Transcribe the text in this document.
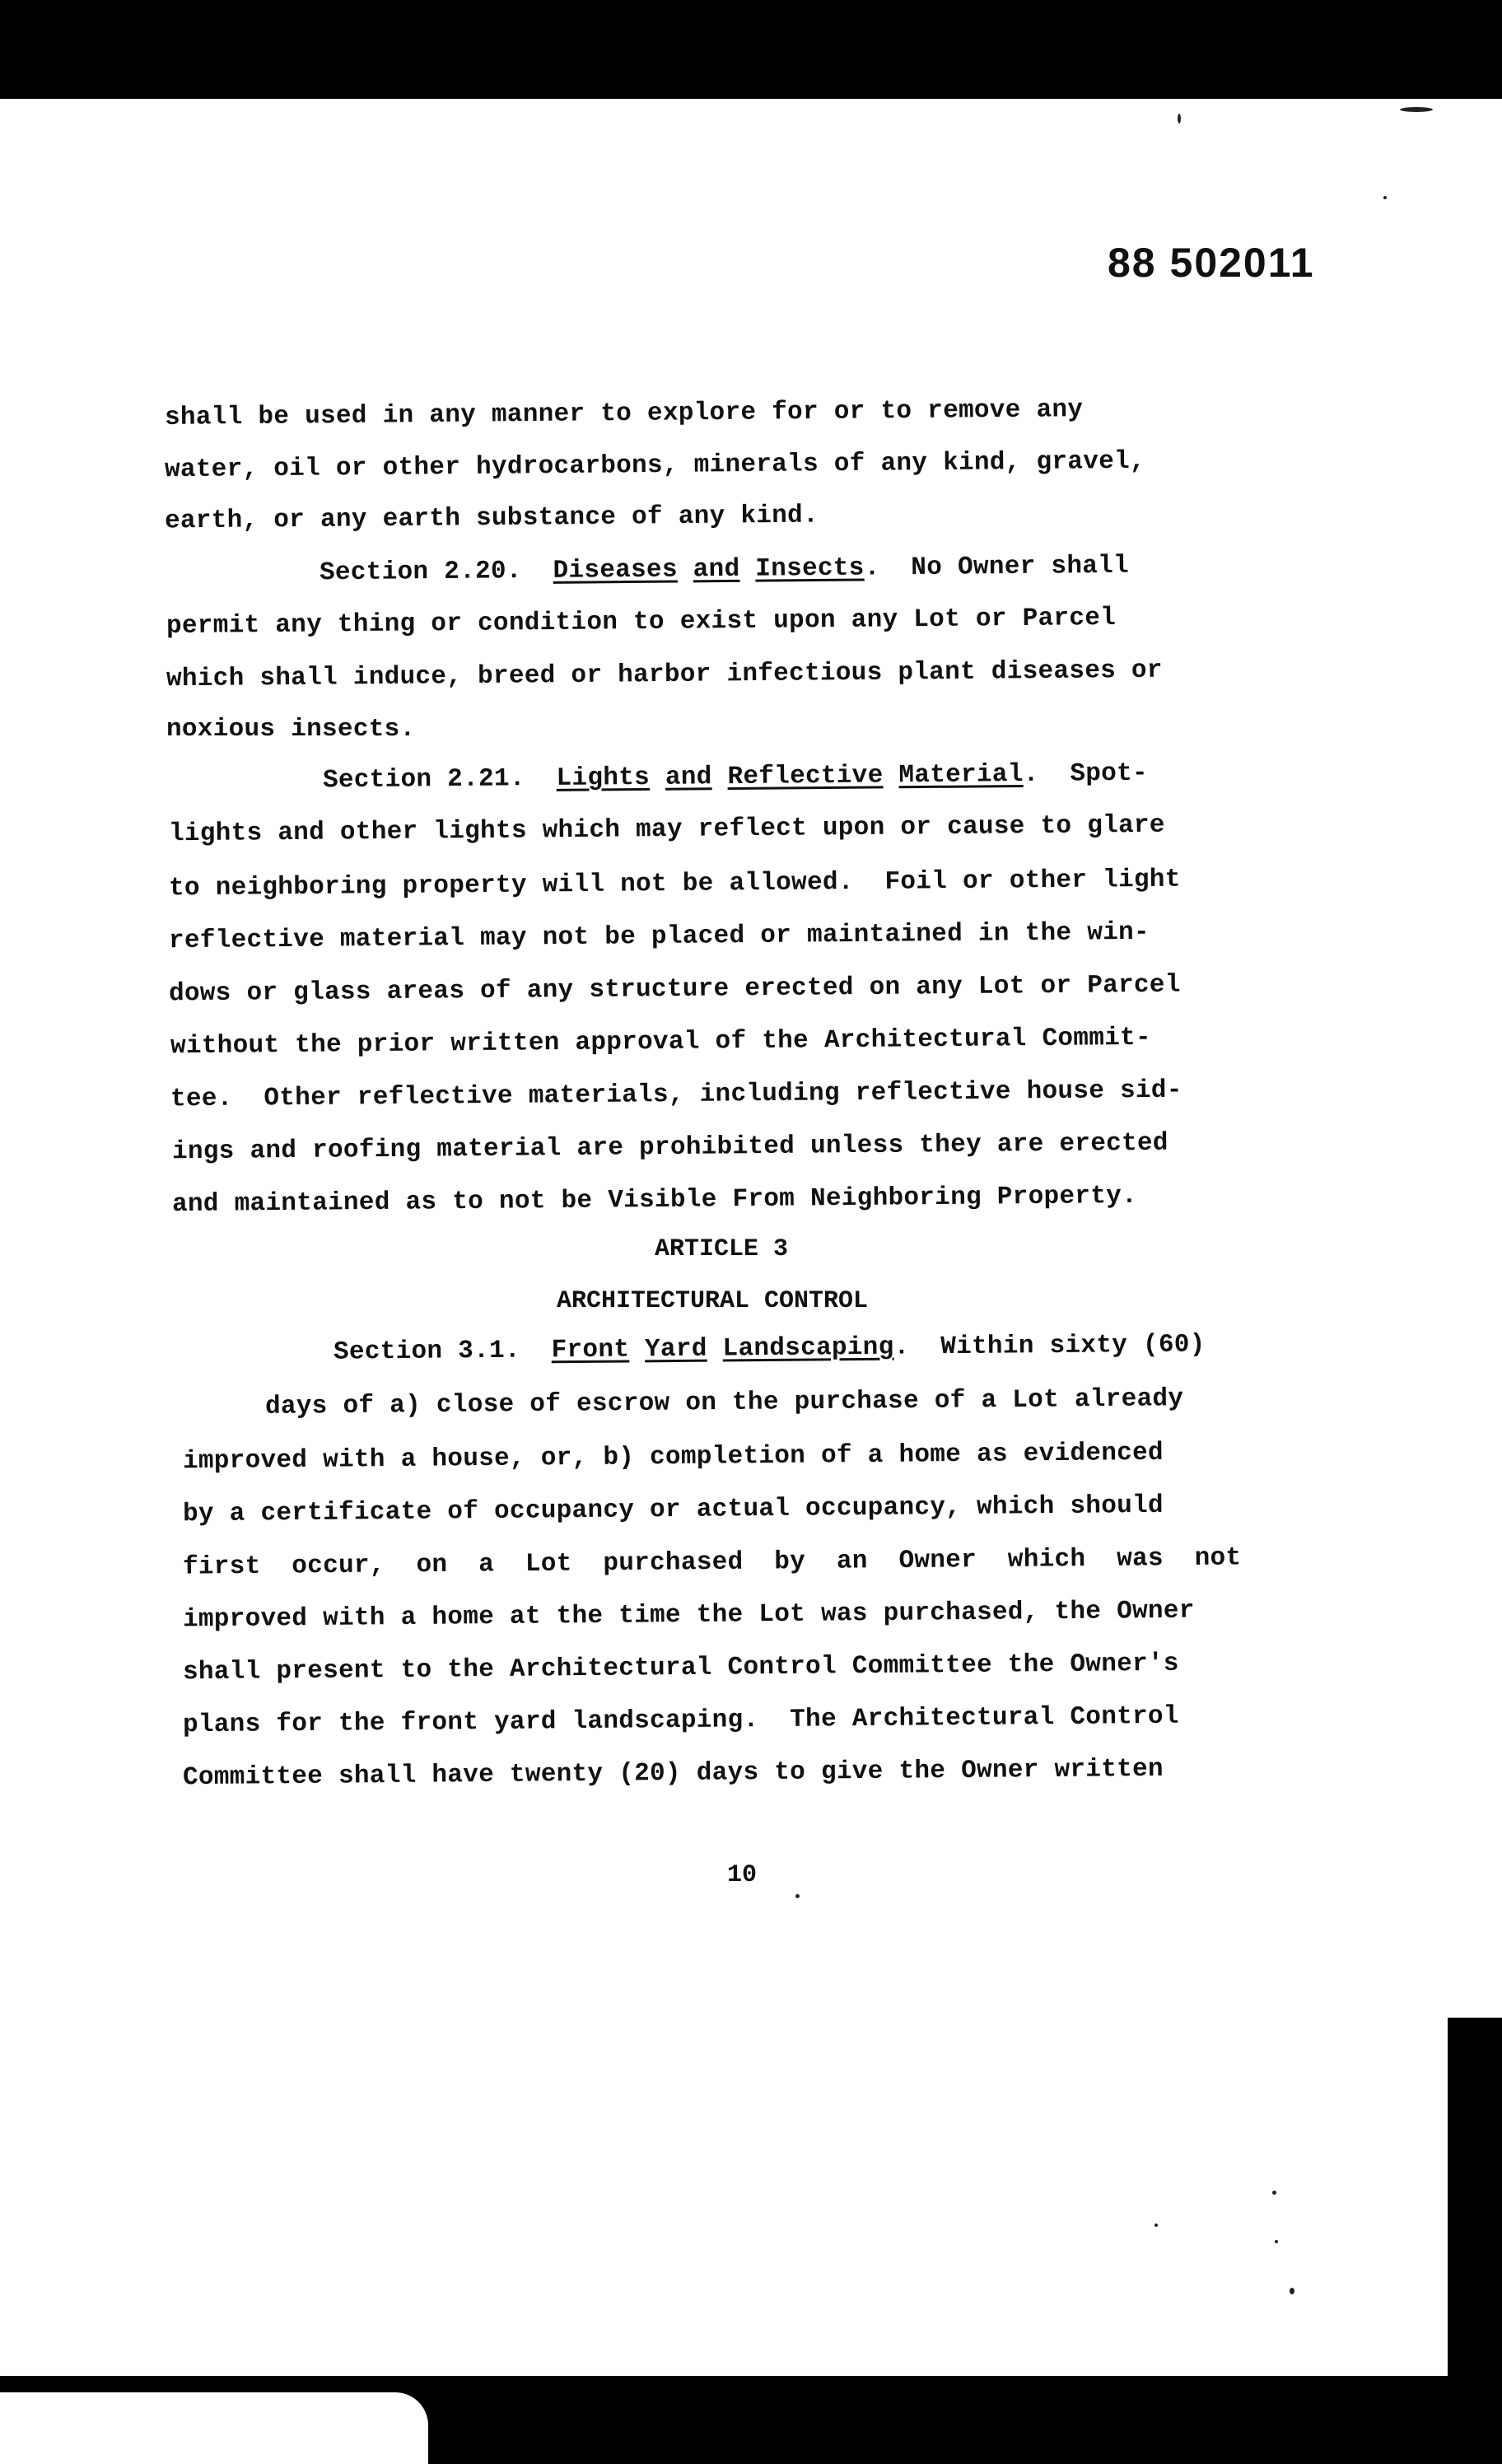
88 502011
shall be used in any manner to explore for or to remove any
water, oil or other hydrocarbons, minerals of any kind, gravel,
earth, or any earth substance of any kind.
Section 2.20. Diseases and Insects.  No Owner shall
permit any thing or condition to exist upon any Lot or Parcel
which shall induce, breed or harbor infectious plant diseases or
noxious insects.
Section 2.21. Lights and Reflective Material.  Spot-
lights and other lights which may reflect upon or cause to glare
to neighboring property will not be allowed.  Foil or other light
reflective material may not be placed or maintained in the win-
dows or glass areas of any structure erected on any Lot or Parcel
without the prior written approval of the Architectural Commit-
tee.  Other reflective materials, including reflective house sid-
ings and roofing material are prohibited unless they are erected
and maintained as to not be Visible From Neighboring Property.
ARTICLE 3
ARCHITECTURAL CONTROL
Section 3.1. Front Yard Landscaping.  Within sixty (60)
days of a) close of escrow on the purchase of a Lot already
improved with a house, or, b) completion of a home as evidenced
by a certificate of occupancy or actual occupancy, which should
first  occur,  on  a  Lot  purchased  by  an  Owner  which  was  not
improved with a home at the time the Lot was purchased, the Owner
shall present to the Architectural Control Committee the Owner's
plans for the front yard landscaping.  The Architectural Control
Committee shall have twenty (20) days to give the Owner written
10
